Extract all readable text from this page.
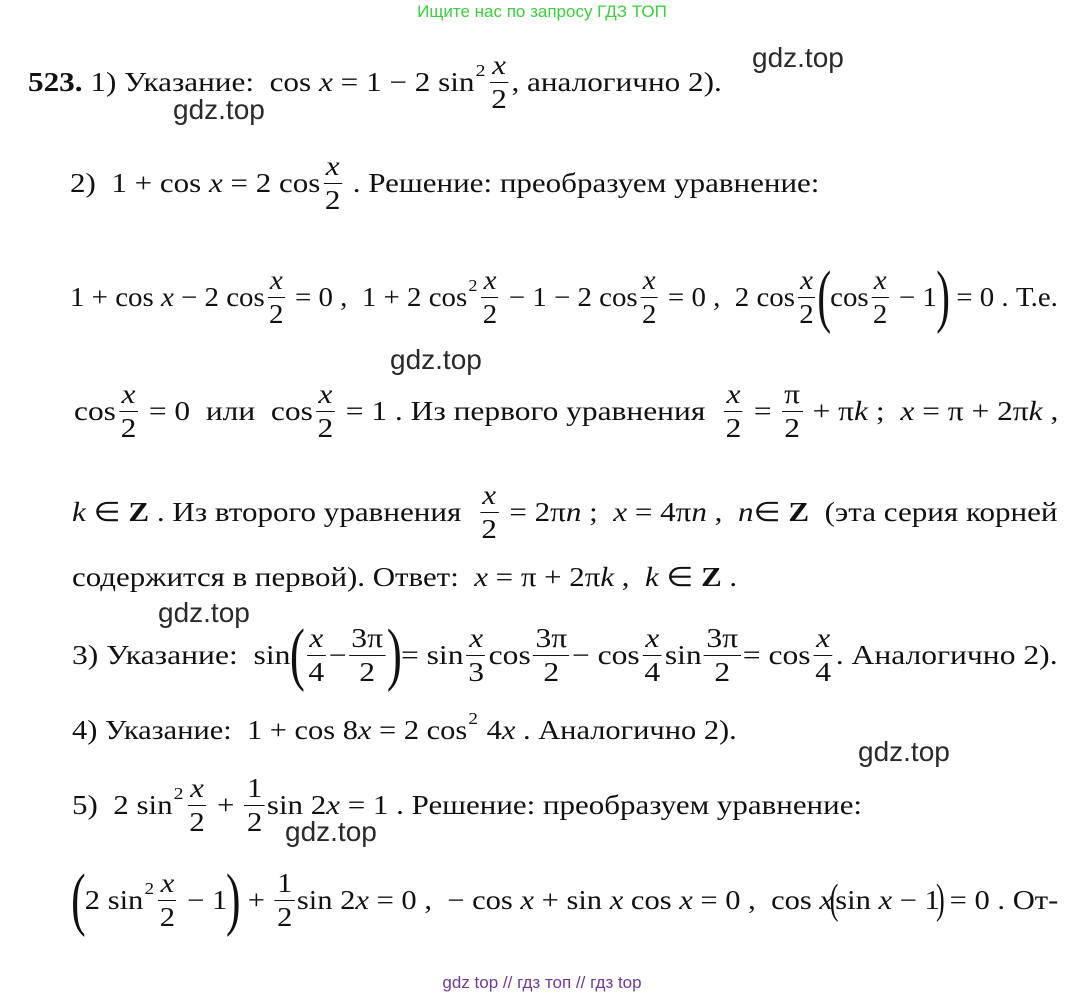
Ищите нас по запросу ГДЗ ТОП
gdz.top
gdz.top
gdz.top
gdz.top
gdz.top
gdz.top
523. 1) Указание:  cos x = 1 − 2 $\sin 2 \frac{x}{2}$ , аналогично 2).
2)  1 + cos x = 2 $\cos \frac{x}{2}$ . Решение: преобразуем уравнение:
1 + cos x − 2 $\cos \frac{x}{2} = 0$ ,  1 + 2 $\cos 2 \frac{x}{2} - 1 - 2$ $\cos \frac{x}{2} = 0$ ,  2 $\cos \frac{x}{2}$ ( $\cos \frac{x}{2} - 1$ ) = 0 . Т.е.
$\cos \frac{x}{2} = 0$  или  $\cos \frac{x}{2} = 1$ . Из первого уравнения $\frac{x}{2} = \frac{\pi}{2} + \pi$ k ; x = π + 2π k ,
k ∈ Z . Из второго уравнения $\frac{x}{2} = 2\pi$ n ; x = 4π n , n ∈ Z (эта серия корней
содержится в первой). Ответ: x = π + 2π k , k ∈ Z .
3) Указание:  sin ( $\frac{x}{4} - \frac{3\pi}{2}$ ) = $\sin \frac{x}{3}$ $\cos \frac{3\pi}{2} - \cos \frac{x}{4}$ $\sin \frac{3\pi}{2} = \cos \frac{x}{4}$ . Аналогично 2).
4) Указание:  1 + cos 8 x = 2 cos 2 4 x . Аналогично 2).
5)  2 $\sin 2 \frac{x}{2} + \frac{1}{2}$ sin 2 x = 1 . Решение: преобразуем уравнение:
( 2 $\sin 2 \frac{x}{2} - 1$ ) + $\frac{1}{2}$ sin 2 x = 0 ,  − cos x + sin x cos x = 0 ,  cos x
(
sin x − 1
)
= 0 . От-
gdz top // гдз топ // гдз top
